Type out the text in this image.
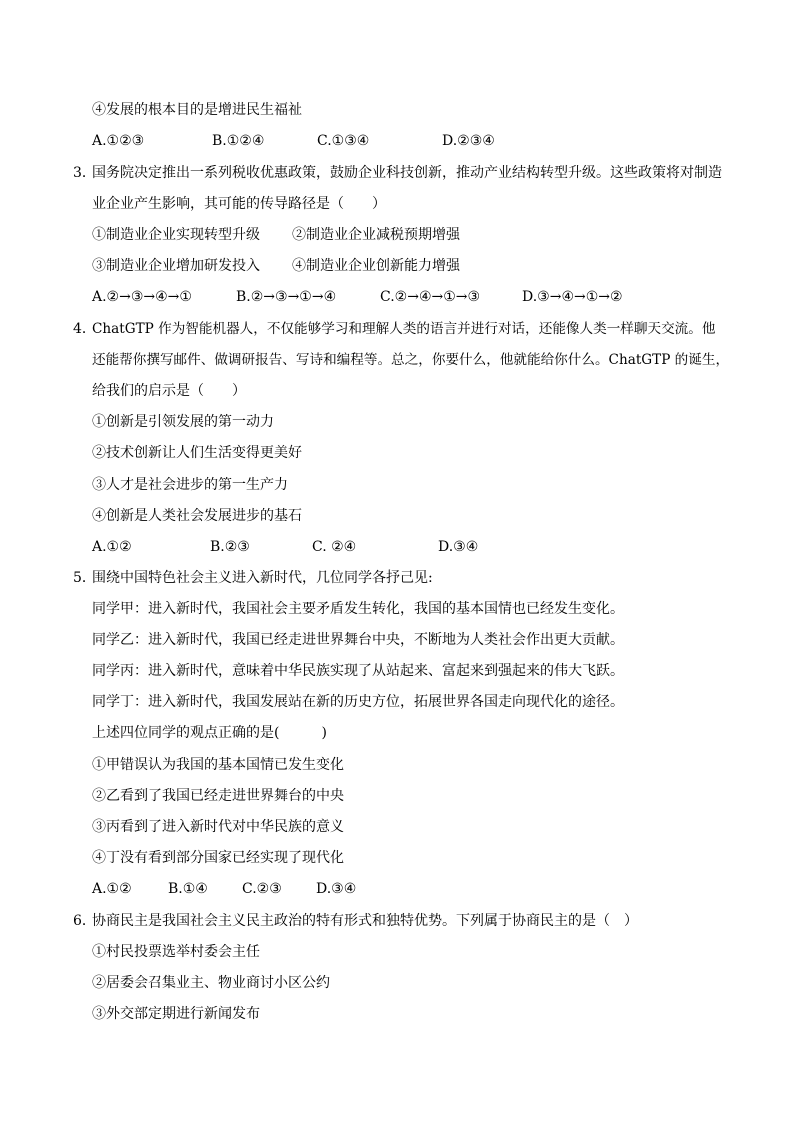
④发展的根本目的是增进民生福祉
A.①②③	B.①②④	C.①③④	D.②③④
3．
国务院决定推出一系列税收优惠政策，鼓励企业科技创新，推动产业结构转型升级。这些政策将对制造
业企业产生影响，其可能的传导路径是（　　）
①制造业企业实现转型升级 ②制造业企业减税预期增强
③制造业企业增加研发投入 ④制造业企业创新能力增强
A.②→③→④→①	B.②→③→①→④	C.②→④→①→③	D.③→④→①→②
4．
ChatGTP 作为智能机器人，不仅能够学习和理解人类的语言并进行对话，还能像人类一样聊天交流。他
还能帮你撰写邮件、做调研报告、写诗和编程等。总之，你要什么，他就能给你什么。ChatGTP 的诞生，
给我们的启示是（　　）
①创新是引领发展的第一动力
②技术创新让人们生活变得更美好
③人才是社会进步的第一生产力
④创新是人类社会发展进步的基石
A.①②	B.②③	C. ②④	D.③④
5．
围绕中国特色社会主义进入新时代，几位同学各抒己见:
同学甲：进入新时代，我国社会主要矛盾发生转化，我国的基本国情也已经发生变化。
同学乙：进入新时代，我国已经走进世界舞台中央，不断地为人类社会作出更大贡献。
同学丙：进入新时代，意味着中华民族实现了从站起来、富起来到强起来的伟大飞跃。
同学丁：进入新时代，我国发展站在新的历史方位，拓展世界各国走向现代化的途径。
上述四位同学的观点正确的是(　　　)
①甲错误认为我国的基本国情已发生变化
②乙看到了我国已经走进世界舞台的中央
③丙看到了进入新时代对中华民族的意义
④丁没有看到部分国家已经实现了现代化
A.①②	B.①④ C.②③ D.③④
6．
协商民主是我国社会主义民主政治的特有形式和独特优势。下列属于协商民主的是（　）
①村民投票选举村委会主任
②居委会召集业主、物业商讨小区公约
③外交部定期进行新闻发布
